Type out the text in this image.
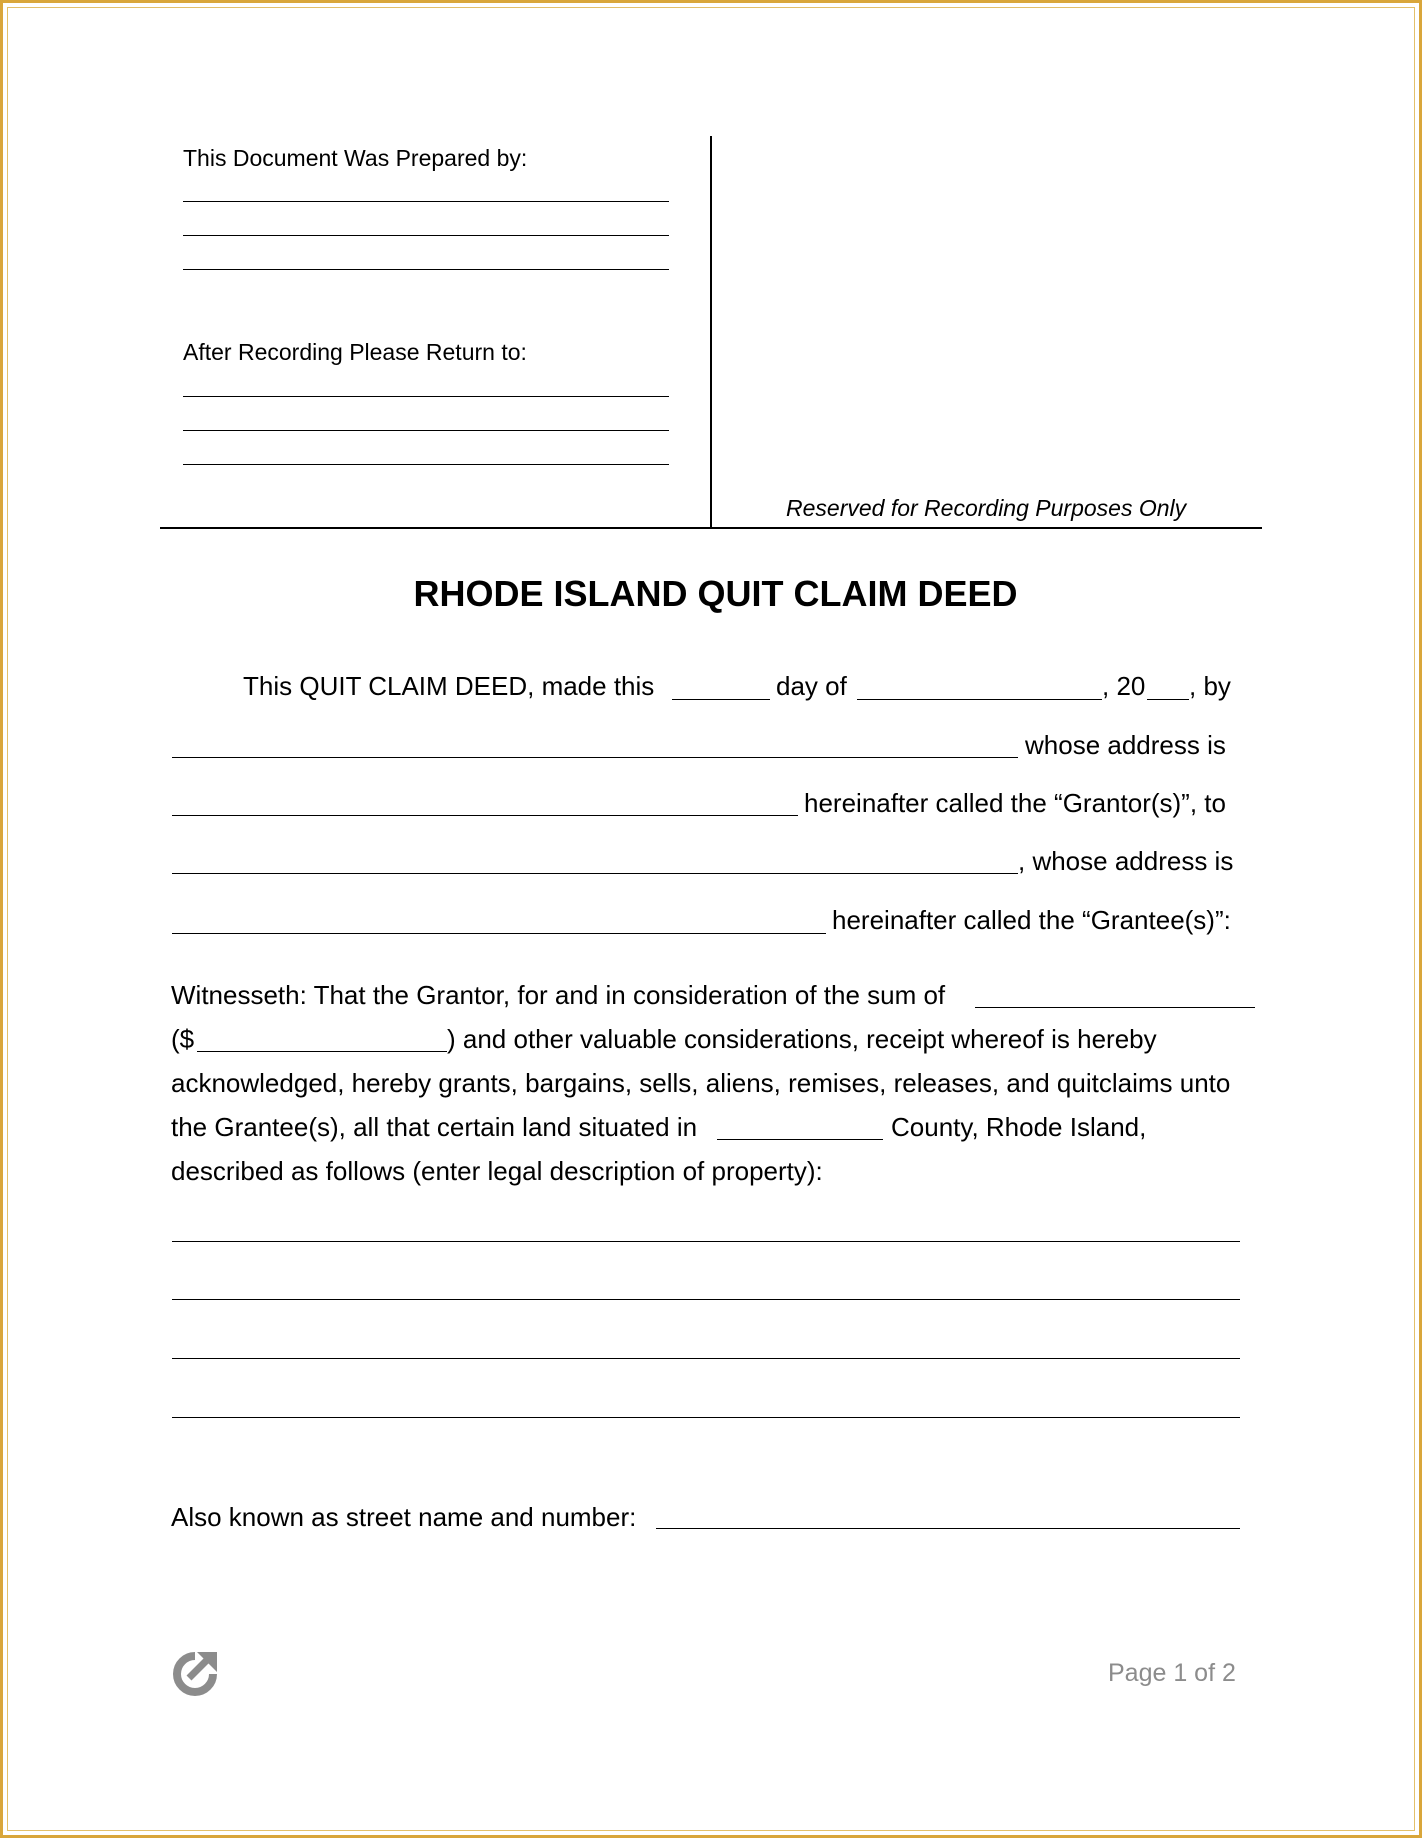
This Document Was Prepared by:
After Recording Please Return to:
Reserved for Recording Purposes Only
RHODE ISLAND QUIT CLAIM DEED
This QUIT CLAIM DEED, made this	day of	, 20 , by
whose address is
hereinafter called the “Grantor(s)”, to
, whose address is
hereinafter called the “Grantee(s)”:
Witnesseth: That the Grantor, for and in consideration of the sum of
($	) and other valuable considerations, receipt whereof is hereby
acknowledged, hereby grants, bargains, sells, aliens, remises, releases, and quitclaims unto
the Grantee(s), all that certain land situated in	County, Rhode Island,
described as follows (enter legal description of property):
Also known as street name and number:
Page 1 of 2
